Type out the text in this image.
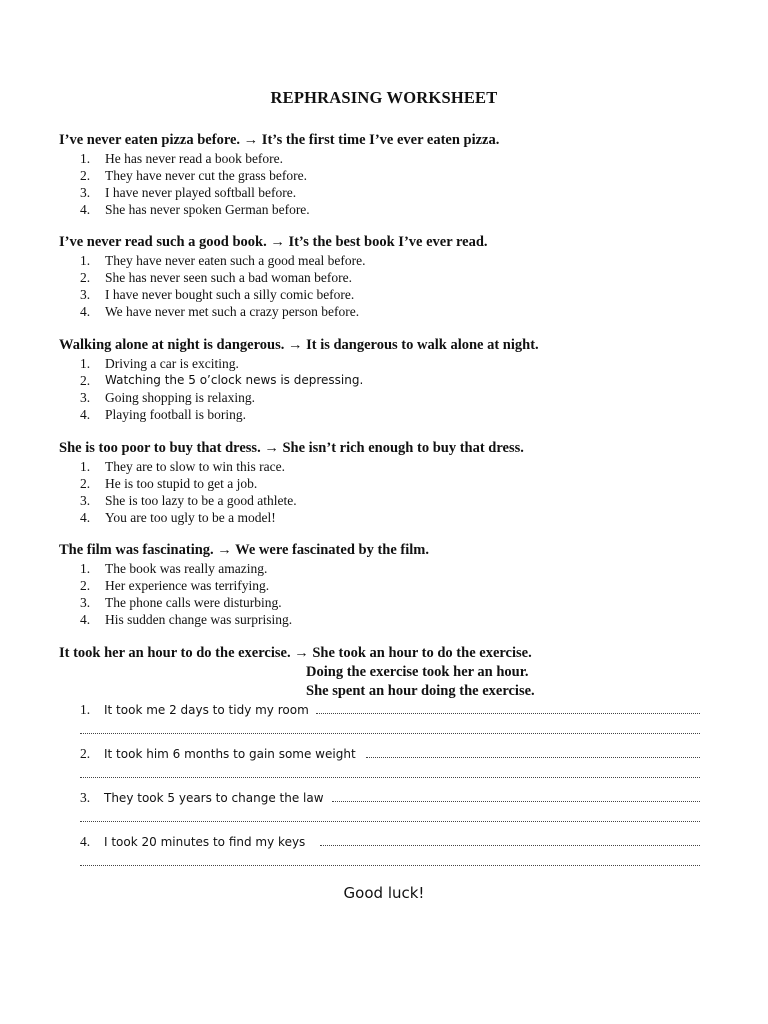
REPHRASING WORKSHEET
I’ve never eaten pizza before. → It’s the first time I’ve ever eaten pizza.
1.	He has never read a book before.
2.	They have never cut the grass before.
3.	I have never played softball before.
4.	She has never spoken German before.
I’ve never read such a good book. → It’s the best book I’ve ever read.
1.	They have never eaten such a good meal before.
2.	She has never seen such a bad woman before.
3.	I have never bought such a silly comic before.
4.	We have never met such a crazy person before.
Walking alone at night is dangerous. → It is dangerous to walk alone at night.
1.	Driving a car is exciting.
2.	Watching the 5 o’clock news is depressing.
3.	Going shopping is relaxing.
4.	Playing football is boring.
She is too poor to buy that dress. → She isn’t rich enough to buy that dress.
1.	They are to slow to win this race.
2.	He is too stupid to get a job.
3.	She is too lazy to be a good athlete.
4.	You are too ugly to be a model!
The film was fascinating. → We were fascinated by the film.
1.	The book was really amazing.
2.	Her experience was terrifying.
3.	The phone calls were disturbing.
4.	His sudden change was surprising.
It took her an hour to do the exercise. → She took an hour to do the exercise.
Doing the exercise took her an hour.
She spent an hour doing the exercise.
1.	It took me 2 days to tidy my room
2.	It took him 6 months to gain some weight
3.	They took 5 years to change the law
4.	I took 20 minutes to find my keys
Good luck!
